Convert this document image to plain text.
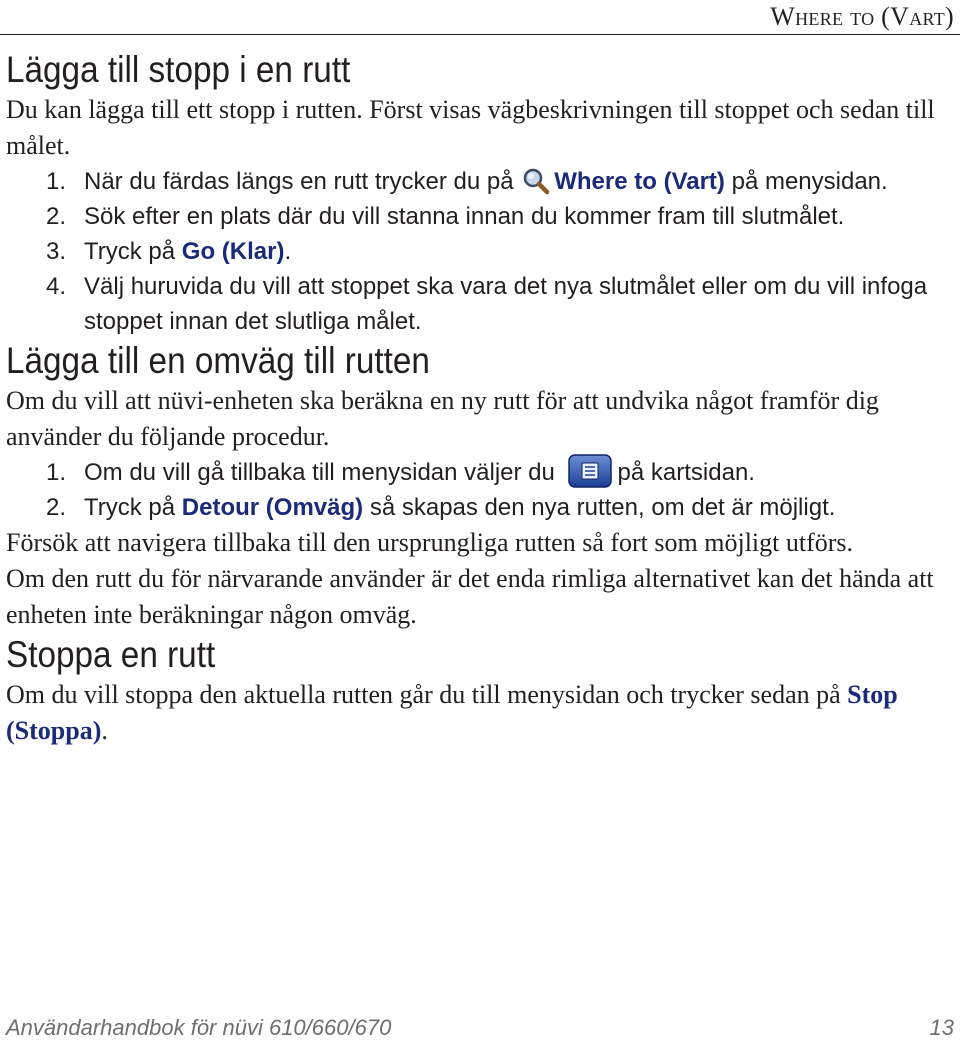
Where to (Vart)
Lägga till stopp i en rutt

Du kan lägga till ett stopp i rutten. Först visas vägbeskrivningen till stoppet och sedan till målet.

1. När du färdas längs en rutt trycker du på Where to (Vart) på menysidan.
2. Sök efter en plats där du vill stanna innan du kommer fram till slutmålet.
3. Tryck på Go (Klar).
4. Välj huruvida du vill att stoppet ska vara det nya slutmålet eller om du vill infoga stoppet innan det slutliga målet.
Lägga till en omväg till rutten

Om du vill att nüvi-enheten ska beräkna en ny rutt för att undvika något framför dig använder du följande procedur.

1. Om du vill gå tillbaka till menysidan väljer du	på kartsidan.
2. Tryck på Detour (Omväg) så skapas den nya rutten, om det är möjligt.

Försök att navigera tillbaka till den ursprungliga rutten så fort som möjligt utförs.

Om den rutt du för närvarande använder är det enda rimliga alternativet kan det hända att enheten inte beräkningar någon omväg.

Stoppa en rutt

Om du vill stoppa den aktuella rutten går du till menysidan och trycker sedan på Stop (Stoppa).

Användarhandbok för nüvi 610/660/670	13
